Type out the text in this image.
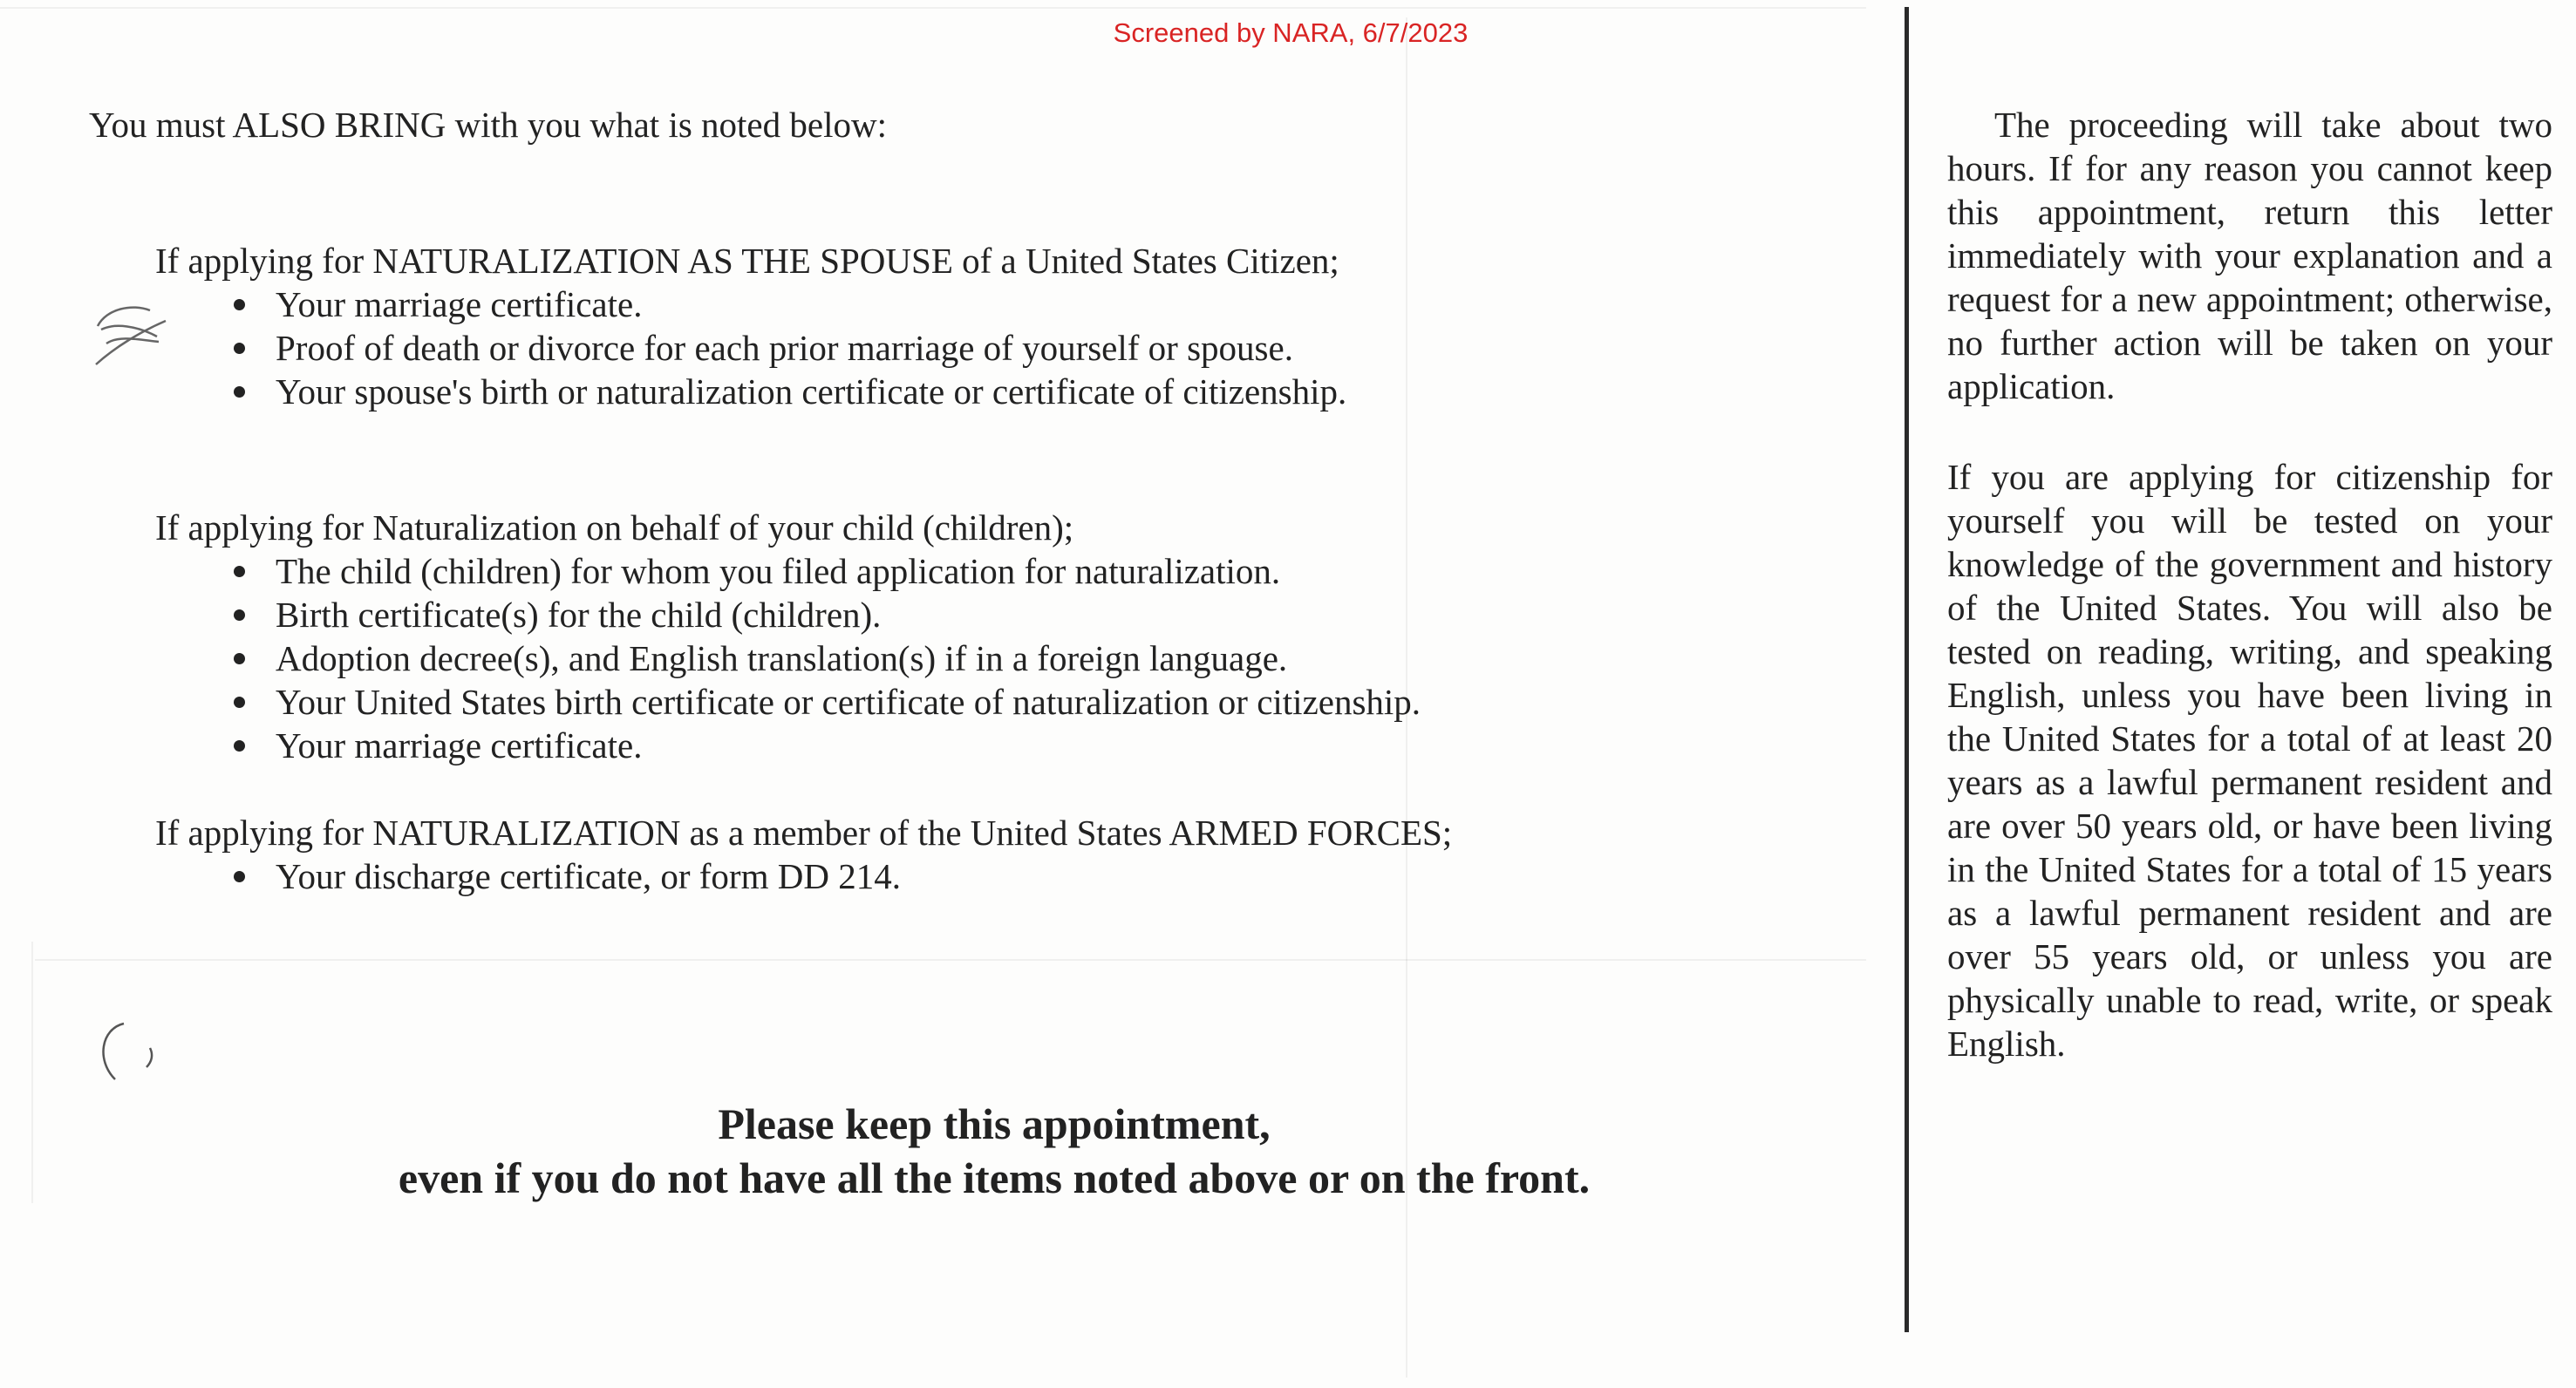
Screened by NARA, 6/7/2023

You must ALSO BRING with you what is noted below:

If applying for NATURALIZATION AS THE SPOUSE of a United States Citizen;

Your marriage certificate.
Proof of death or divorce for each prior marriage of yourself or spouse.
Your spouse's birth or naturalization certificate or certificate of citizenship.

If applying for Naturalization on behalf of your child (children);

The child (children) for whom you filed application for naturalization.
Birth certificate(s) for the child (children).
Adoption decree(s), and English translation(s) if in a foreign language.
Your United States birth certificate or certificate of naturalization or citizenship.
Your marriage certificate.

If applying for NATURALIZATION as a member of the United States ARMED FORCES;

Your discharge certificate, or form DD 214.
Please keep this appointment,
even if you do not have all the items noted above or on the front.

The proceeding will take about two hours. If for any reason you cannot keep this appointment, return this letter immediately with your explanation and a request for a new appointment; otherwise, no further action will be taken on your application.

If you are applying for citizenship for yourself you will be tested on your knowledge of the government and history of the United States. You will also be tested on reading, writing, and speaking English, unless you have been living in the United States for a total of at least 20 years as a lawful permanent resident and are over 50 years old, or have been living in the United States for a total of 15 years as a lawful permanent resident and are over 55 years old, or unless you are physically unable to read, write, or speak English.
